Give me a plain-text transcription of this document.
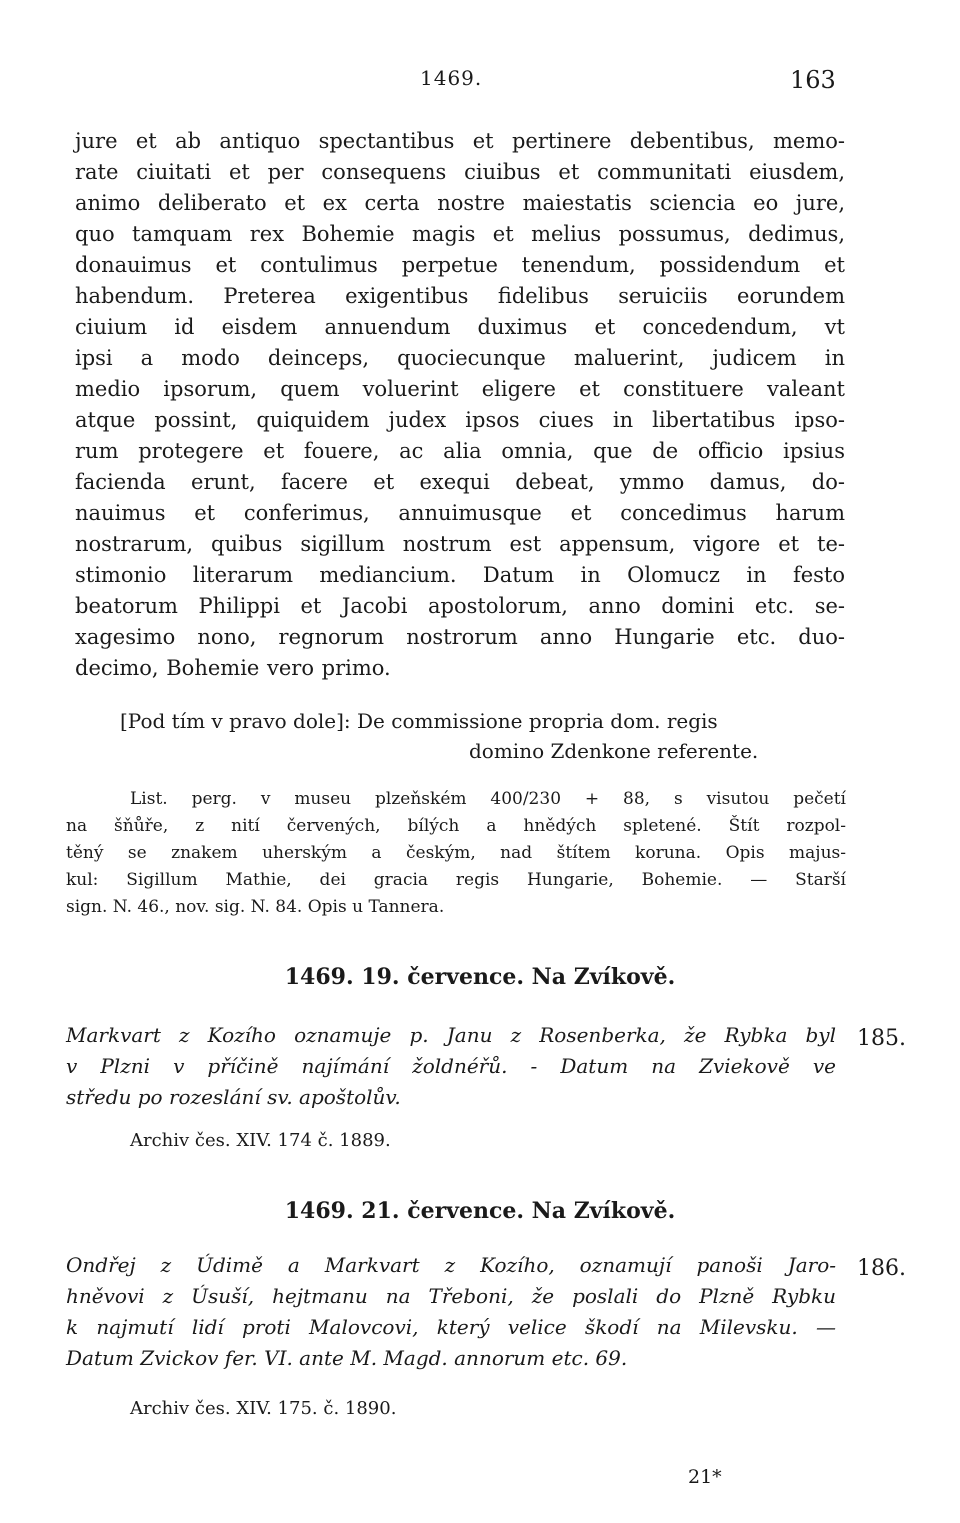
1469.	163
jure et ab antiquo spectantibus et pertinere debentibus, memo-
rate ciuitati et per consequens ciuibus et communitati eiusdem,
animo deliberato et ex certa nostre maiestatis sciencia eo jure,
quo tamquam rex Bohemie magis et melius possumus, dedimus,
donauimus et contulimus perpetue tenendum, possidendum et
habendum. Preterea exigentibus fidelibus seruiciis eorundem
ciuium id eisdem annuendum duximus et concedendum, vt
ipsi a modo deinceps, quociecunque maluerint, judicem in
medio ipsorum, quem voluerint eligere et constituere valeant
atque possint, quiquidem judex ipsos ciues in libertatibus ipso-
rum protegere et fouere, ac alia omnia, que de officio ipsius
facienda erunt, facere et exequi debeat, ymmo damus, do-
nauimus et conferimus, annuimusque et concedimus harum
nostrarum, quibus sigillum nostrum est appensum, vigore et te-
stimonio literarum mediancium. Datum in Olomucz in festo
beatorum Philippi et Jacobi apostolorum, anno domini etc. se-
xagesimo nono, regnorum nostrorum anno Hungarie etc. duo-
decimo, Bohemie vero primo.
[Pod tím v pravo dole]: De commissione propria dom. regis
domino Zdenkone referente.
List. perg. v museu plzeňském 400/230 + 88, s visutou pečetí
na šňůře, z nití červených, bílých a hnědých spletené. Štít rozpol-
těný se znakem uherským a českým, nad štítem koruna. Opis majus-
kul: Sigillum Mathie, dei gracia regis Hungarie, Bohemie. — Starší
sign. N. 46., nov. sig. N. 84. Opis u Tannera.
1469. 19. července. Na Zvíkově.
Markvart z Kozího oznamuje p. Janu z Rosenberka, že Rybka byl
v Plzni v příčině najímání žoldnéřů. - Datum na Zviekově ve
středu po rozeslání sv. apoštolův.
185.
Archiv čes. XIV. 174 č. 1889.
1469. 21. července. Na Zvíkově.
Ondřej z Údimě a Markvart z Kozího, oznamují panoši Jaro-
hněvovi z Úsuší, hejtmanu na Třeboni, že poslali do Plzně Rybku
k najmutí lidí proti Malovcovi, který velice škodí na Milevsku. —
Datum Zvickov fer. VI. ante M. Magd. annorum etc. 69.
186.
Archiv čes. XIV. 175. č. 1890.
21*
